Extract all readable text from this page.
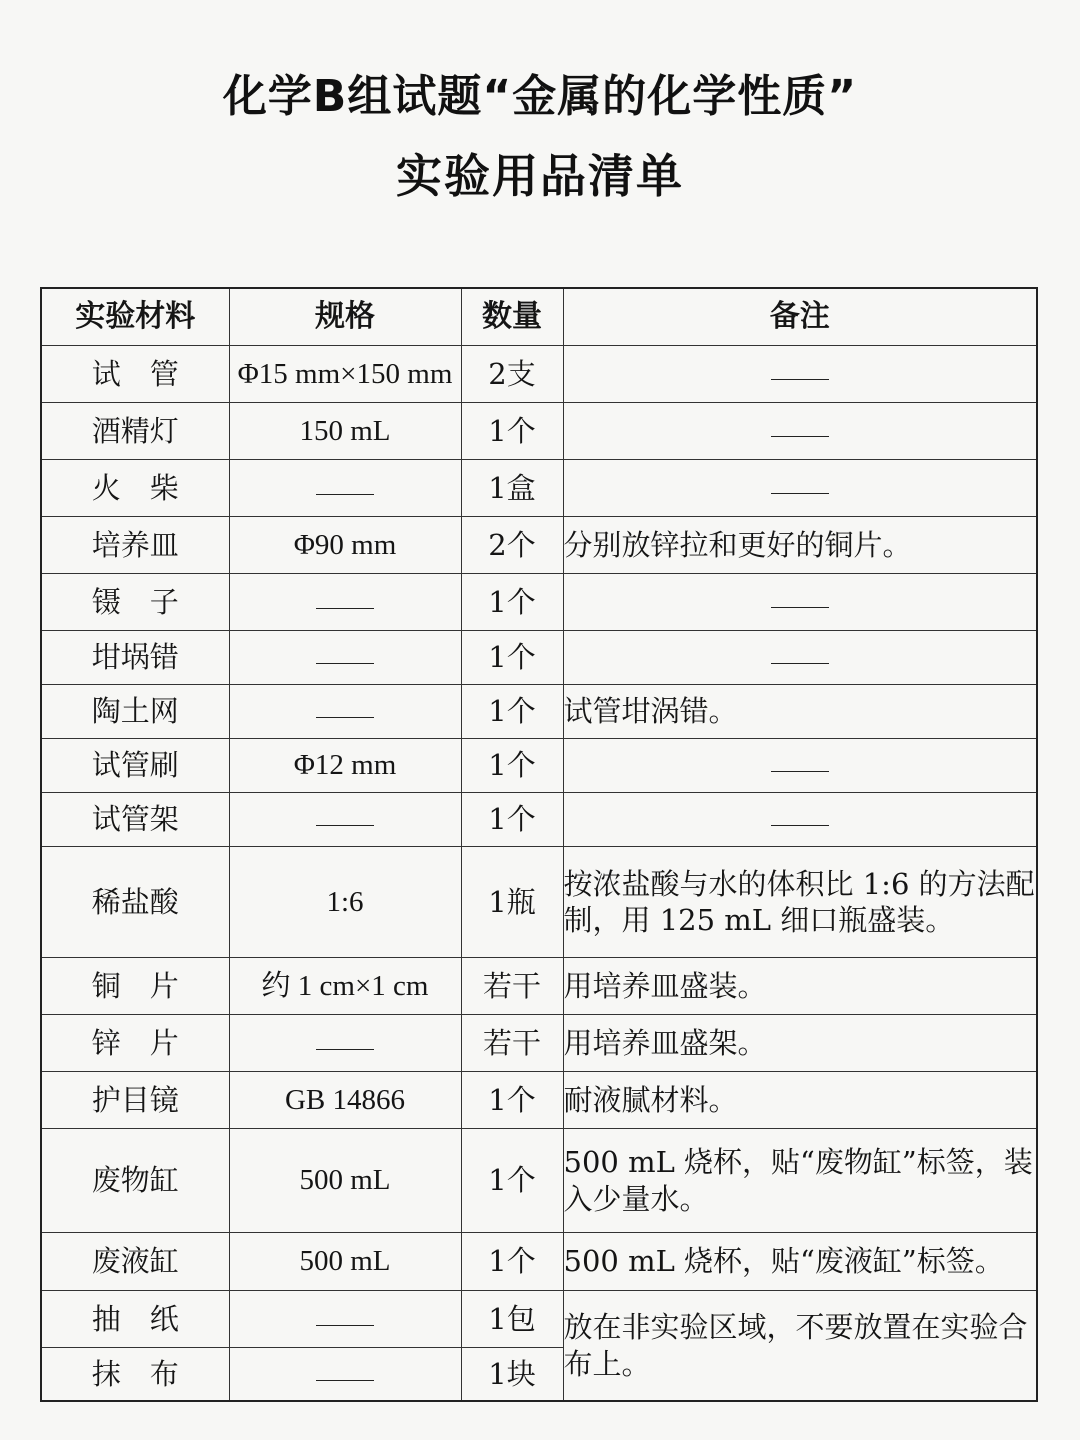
化学B组试题“金属的化学性质”
实验用品清单
实验材料	规格	数量	备注
试　管	Φ15 mm×150 mm	2支	
酒精灯	150 mL	1个	
火　柴		1盒	
培养皿	Φ90 mm	2个	分别放锌拉和更好的铜片。
镊　子		1个	
坩埚错		1个	
陶土网		1个	试管坩涡错。
试管刷	Φ12 mm	1个	
试管架		1个	
稀盐酸	1:6	1瓶	按浓盐酸与水的体积比 1:6 的方法配制，用 125 mL 细口瓶盛装。
铜　片	约 1 cm×1 cm	若干	用培养皿盛装。
锌　片		若干	用培养皿盛架。
护目镜	GB 14866	1个	耐液腻材料。
废物缸	500 mL	1个	500 mL 烧杯，贴“废物缸”标签，装入少量水。
废液缸	500 mL	1个	500 mL 烧杯，贴“废液缸”标签。
抽　纸		1包	放在非实验区域，不要放置在实验合布上。
抹　布		1块	
